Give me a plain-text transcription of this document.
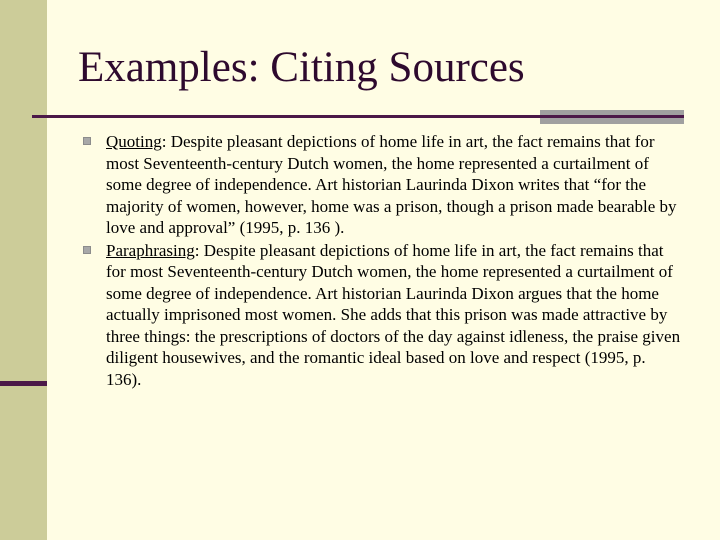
Examples: Citing Sources
Quoting: Despite pleasant depictions of home life in art, the fact remains that for most Seventeenth-century Dutch women, the home represented a curtailment of some degree of independence. Art historian Laurinda Dixon writes that “for the majority of women, however, home was a prison, though a prison made bearable by love and approval” (1995, p. 136 ).
Paraphrasing: Despite pleasant depictions of home life in art, the fact remains that for most Seventeenth-century Dutch women, the home represented a curtailment of some degree of independence. Art historian Laurinda Dixon argues that the home actually imprisoned most women. She adds that this prison was made attractive by three things: the prescriptions of doctors of the day against idleness, the praise given diligent housewives, and the romantic ideal based on love and respect (1995, p. 136).
